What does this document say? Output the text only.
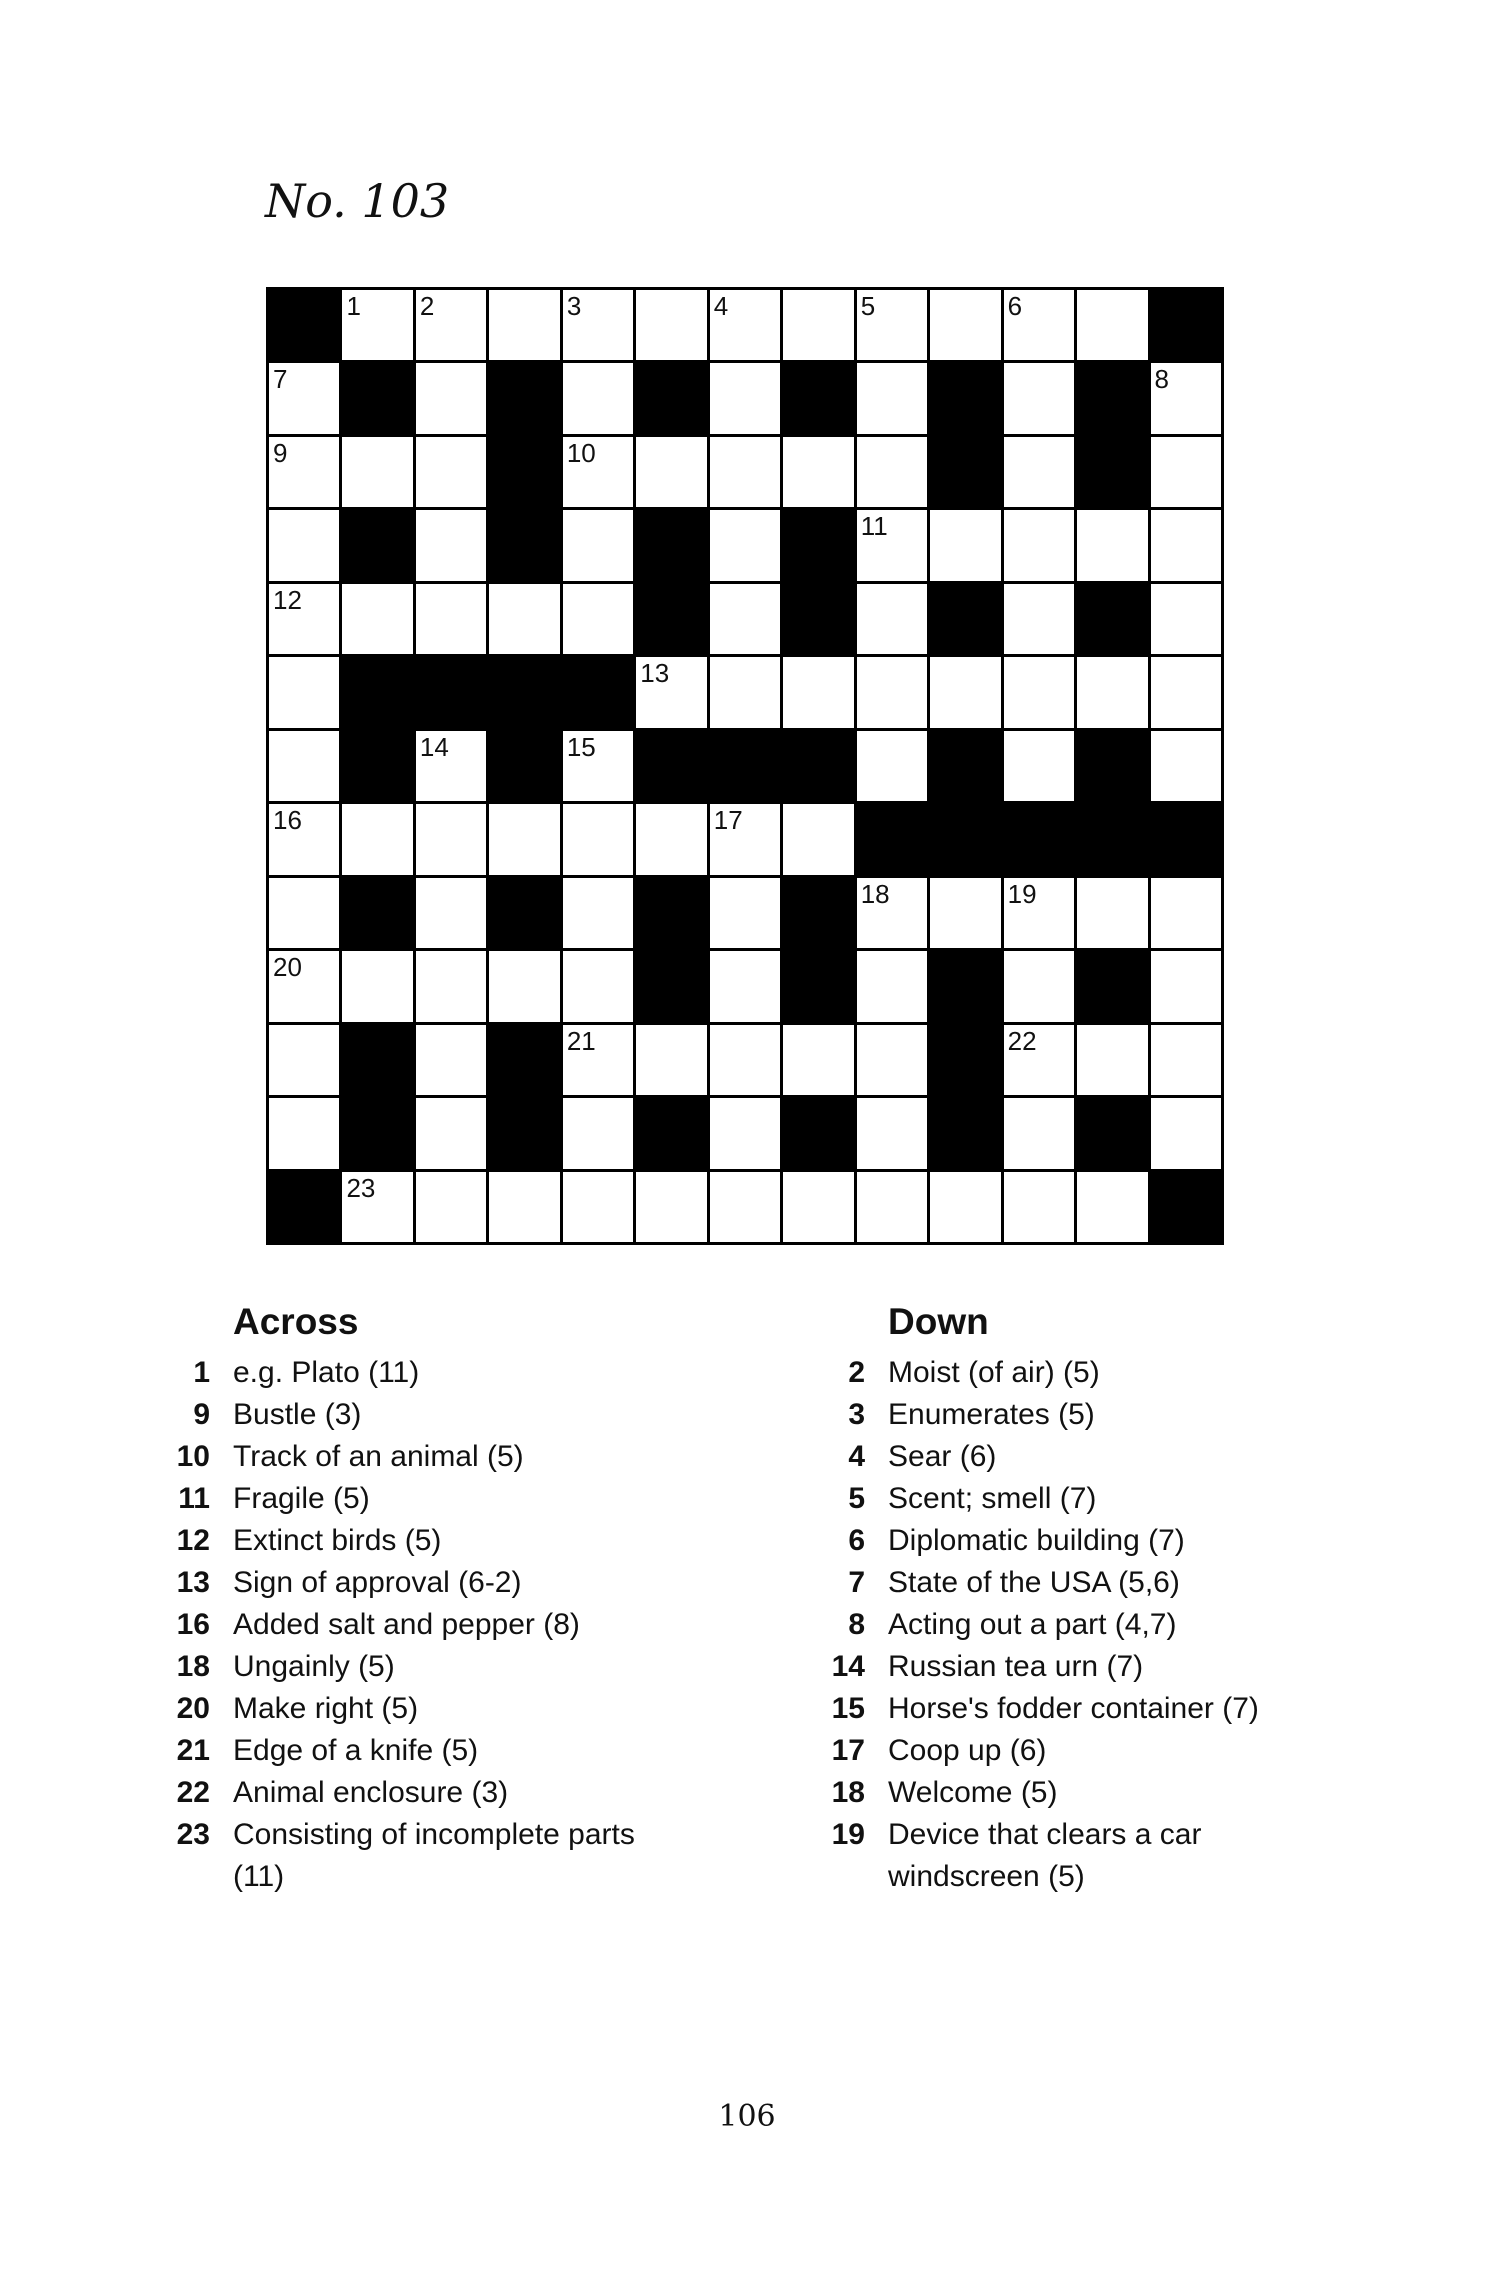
No. 103
1 2	3	4	5	6
7	8
9	10
11
12
13
14	15
16	17
18	19
20
21	22
23
Across
1 e.g. Plato (11)
9 Bustle (3)
10 Track of an animal (5)
11 Fragile (5)
12 Extinct birds (5)
13 Sign of approval (6-2)
16 Added salt and pepper (8)
18 Ungainly (5)
20 Make right (5)
21 Edge of a knife (5)
22 Animal enclosure (3)
23 Consisting of incomplete parts (11)
Down
2 Moist (of air) (5)
3 Enumerates (5)
4 Sear (6)
5 Scent; smell (7)
6 Diplomatic building (7)
7 State of the USA (5,6)
8 Acting out a part (4,7)
14 Russian tea urn (7)
15 Horse's fodder container (7)
17 Coop up (6)
18 Welcome (5)
19 Device that clears a car windscreen (5)
106
